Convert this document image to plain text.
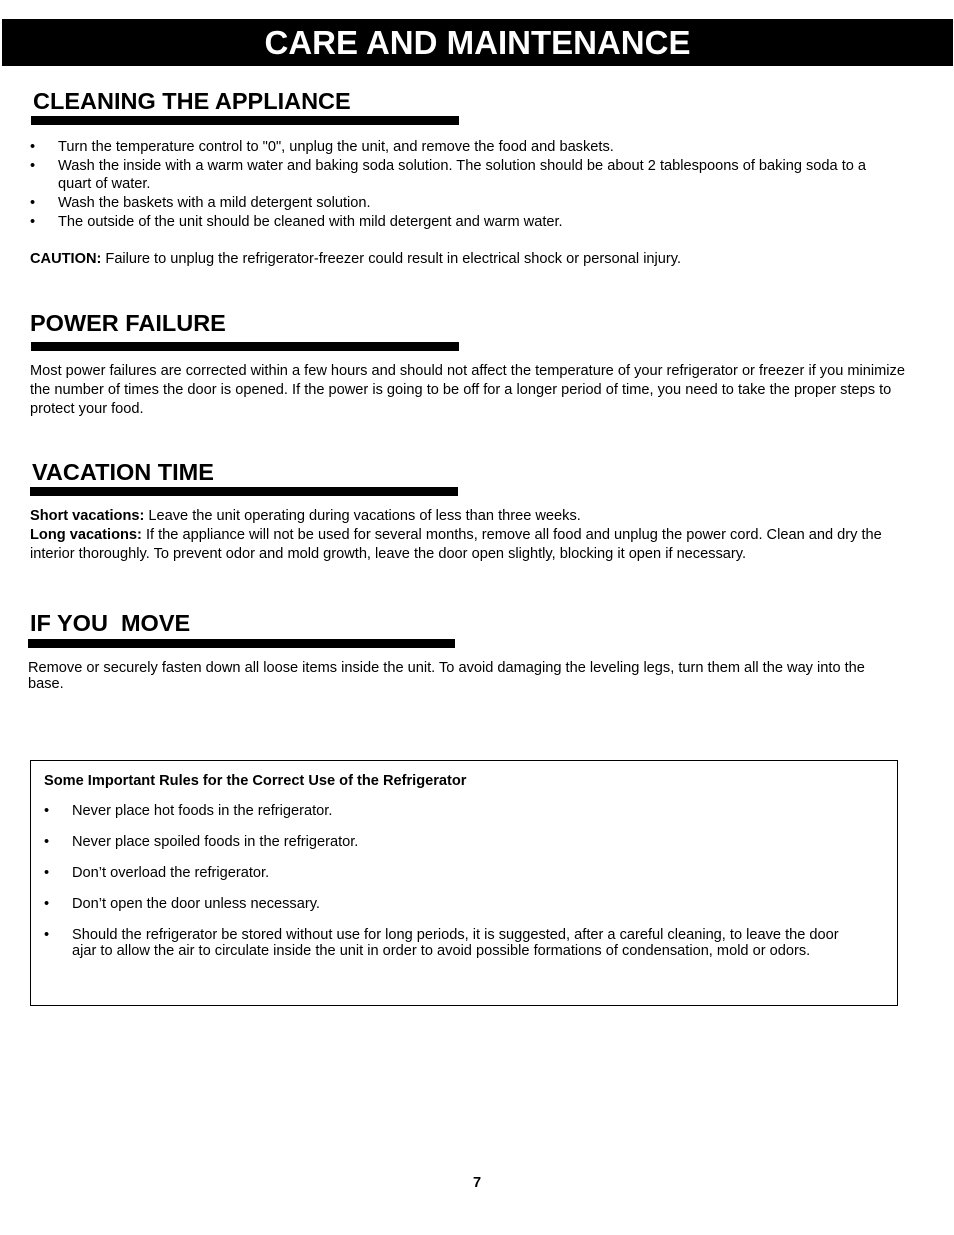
CARE AND MAINTENANCE
CLEANING THE APPLIANCE
• Turn the temperature control to "0", unplug the unit, and remove the food and baskets.
• Wash the inside with a warm water and baking soda solution. The solution should be about 2 tablespoons of baking soda to a quart of water.
• Wash the baskets with a mild detergent solution.
• The outside of the unit should be cleaned with mild detergent and warm water.

CAUTION: Failure to unplug the refrigerator-freezer could result in electrical shock or personal injury.

POWER FAILURE

Most power failures are corrected within a few hours and should not affect the temperature of your refrigerator or freezer if you minimize the number of times the door is opened. If the power is going to be off for a longer period of time, you need to take the proper steps to protect your food.

VACATION TIME

Short vacations: Leave the unit operating during vacations of less than three weeks.
Long vacations: If the appliance will not be used for several months, remove all food and unplug the power cord. Clean and dry the interior thoroughly. To prevent odor and mold growth, leave the door open slightly, blocking it open if necessary.

IF YOU  MOVE

Remove or securely fasten down all loose items inside the unit. To avoid damaging the leveling legs, turn them all the way into the base.

Some Important Rules for the Correct Use of the Refrigerator

• Never place hot foods in the refrigerator.
• Never place spoiled foods in the refrigerator.
• Don’t overload the refrigerator.
• Don’t open the door unless necessary.
• Should the refrigerator be stored without use for long periods, it is suggested, after a careful cleaning, to leave the door ajar to allow the air to circulate inside the unit in order to avoid possible formations of condensation, mold or odors.
7
